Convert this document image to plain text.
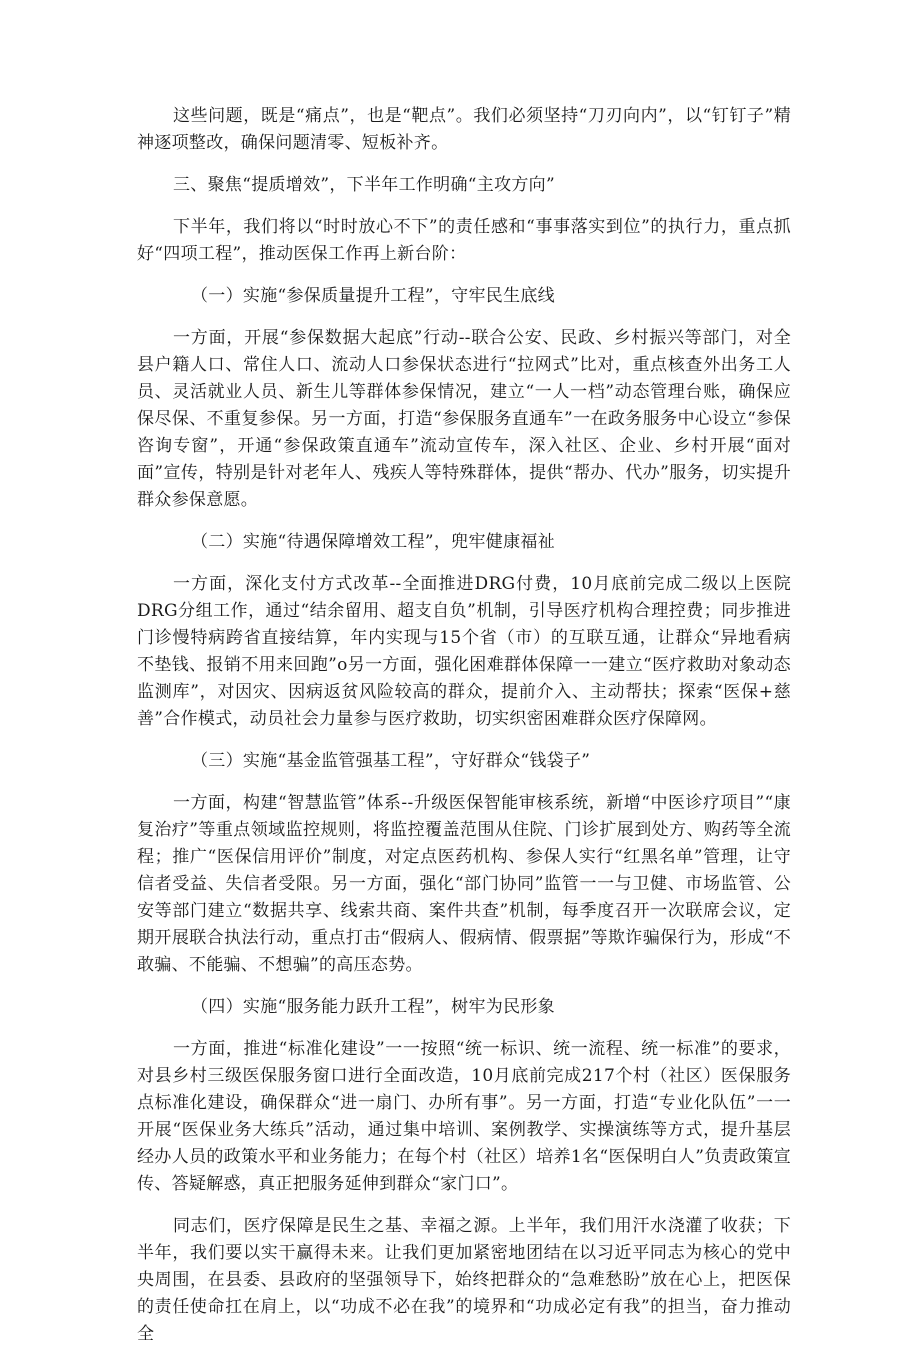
这些问题，既是“痛点”，也是“靶点”。我们必须坚持“刀刃向内”，以“钉钉子”精神逐项整改，确保问题清零、短板补齐。

三、聚焦“提质增效”，下半年工作明确“主攻方向”

下半年，我们将以“时时放心不下”的责任感和“事事落实到位”的执行力，重点抓好“四项工程”，推动医保工作再上新台阶：

（一）实施“参保质量提升工程”，守牢民生底线

一方面，开展“参保数据大起底”行动--联合公安、民政、乡村振兴等部门，对全县户籍人口、常住人口、流动人口参保状态进行“拉网式”比对，重点核查外出务工人员、灵活就业人员、新生儿等群体参保情况，建立“一人一档”动态管理台账，确保应保尽保、不重复参保。另一方面，打造“参保服务直通车”一在政务服务中心设立“参保咨询专窗”，开通“参保政策直通车”流动宣传车，深入社区、企业、乡村开展“面对面”宣传，特别是针对老年人、残疾人等特殊群体，提供“帮办、代办”服务，切实提升群众参保意愿。

（二）实施“待遇保障增效工程”，兜牢健康福祉

一方面，深化支付方式改革--全面推进DRG付费，10月底前完成二级以上医院DRG分组工作，通过“结余留用、超支自负”机制，引导医疗机构合理控费；同步推进门诊慢特病跨省直接结算，年内实现与15个省（市）的互联互通，让群众“异地看病不垫钱、报销不用来回跑”o另一方面，强化困难群体保障一一建立“医疗救助对象动态监测库”，对因灾、因病返贫风险较高的群众，提前介入、主动帮扶；探索“医保+慈善”合作模式，动员社会力量参与医疗救助，切实织密困难群众医疗保障网。

（三）实施“基金监管强基工程”，守好群众“钱袋子”

一方面，构建“智慧监管”体系--升级医保智能审核系统，新增“中医诊疗项目”“康复治疗”等重点领域监控规则，将监控覆盖范围从住院、门诊扩展到处方、购药等全流程；推广“医保信用评价”制度，对定点医药机构、参保人实行“红黑名单”管理，让守信者受益、失信者受限。另一方面，强化“部门协同”监管一一与卫健、市场监管、公安等部门建立“数据共享、线索共商、案件共查”机制，每季度召开一次联席会议，定期开展联合执法行动，重点打击“假病人、假病情、假票据”等欺诈骗保行为，形成“不敢骗、不能骗、不想骗”的高压态势。

（四）实施“服务能力跃升工程”，树牢为民形象

一方面，推进“标准化建设”一一按照“统一标识、统一流程、统一标准”的要求，对县乡村三级医保服务窗口进行全面改造，10月底前完成217个村（社区）医保服务点标准化建设，确保群众“进一扇门、办所有事”。另一方面，打造“专业化队伍”一一开展“医保业务大练兵”活动，通过集中培训、案例教学、实操演练等方式，提升基层经办人员的政策水平和业务能力；在每个村（社区）培养1名“医保明白人”负责政策宣传、答疑解惑，真正把服务延伸到群众“家门口”。

同志们，医疗保障是民生之基、幸福之源。上半年，我们用汗水浇灌了收获；下半年，我们要以实干赢得未来。让我们更加紧密地团结在以习近平同志为核心的党中央周围，在县委、县政府的坚强领导下，始终把群众的“急难愁盼”放在心上，把医保的责任使命扛在肩上，以“功成不必在我”的境界和“功成必定有我”的担当，奋力推动全
